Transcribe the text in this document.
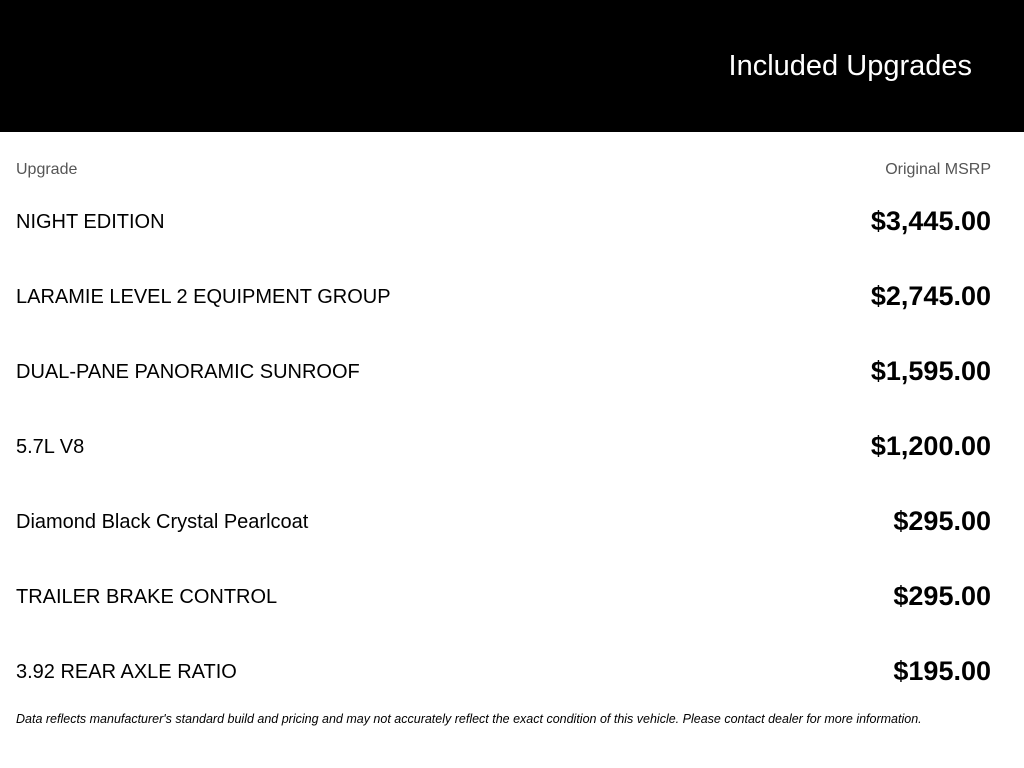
Included Upgrades
Upgrade	Original MSRP
NIGHT EDITION	$3,445.00
LARAMIE LEVEL 2 EQUIPMENT GROUP	$2,745.00
DUAL-PANE PANORAMIC SUNROOF	$1,595.00
5.7L V8	$1,200.00
Diamond Black Crystal Pearlcoat	$295.00
TRAILER BRAKE CONTROL	$295.00
3.92 REAR AXLE RATIO	$195.00

Data reflects manufacturer's standard build and pricing and may not accurately reflect the exact condition of this vehicle. Please contact dealer for more information.
